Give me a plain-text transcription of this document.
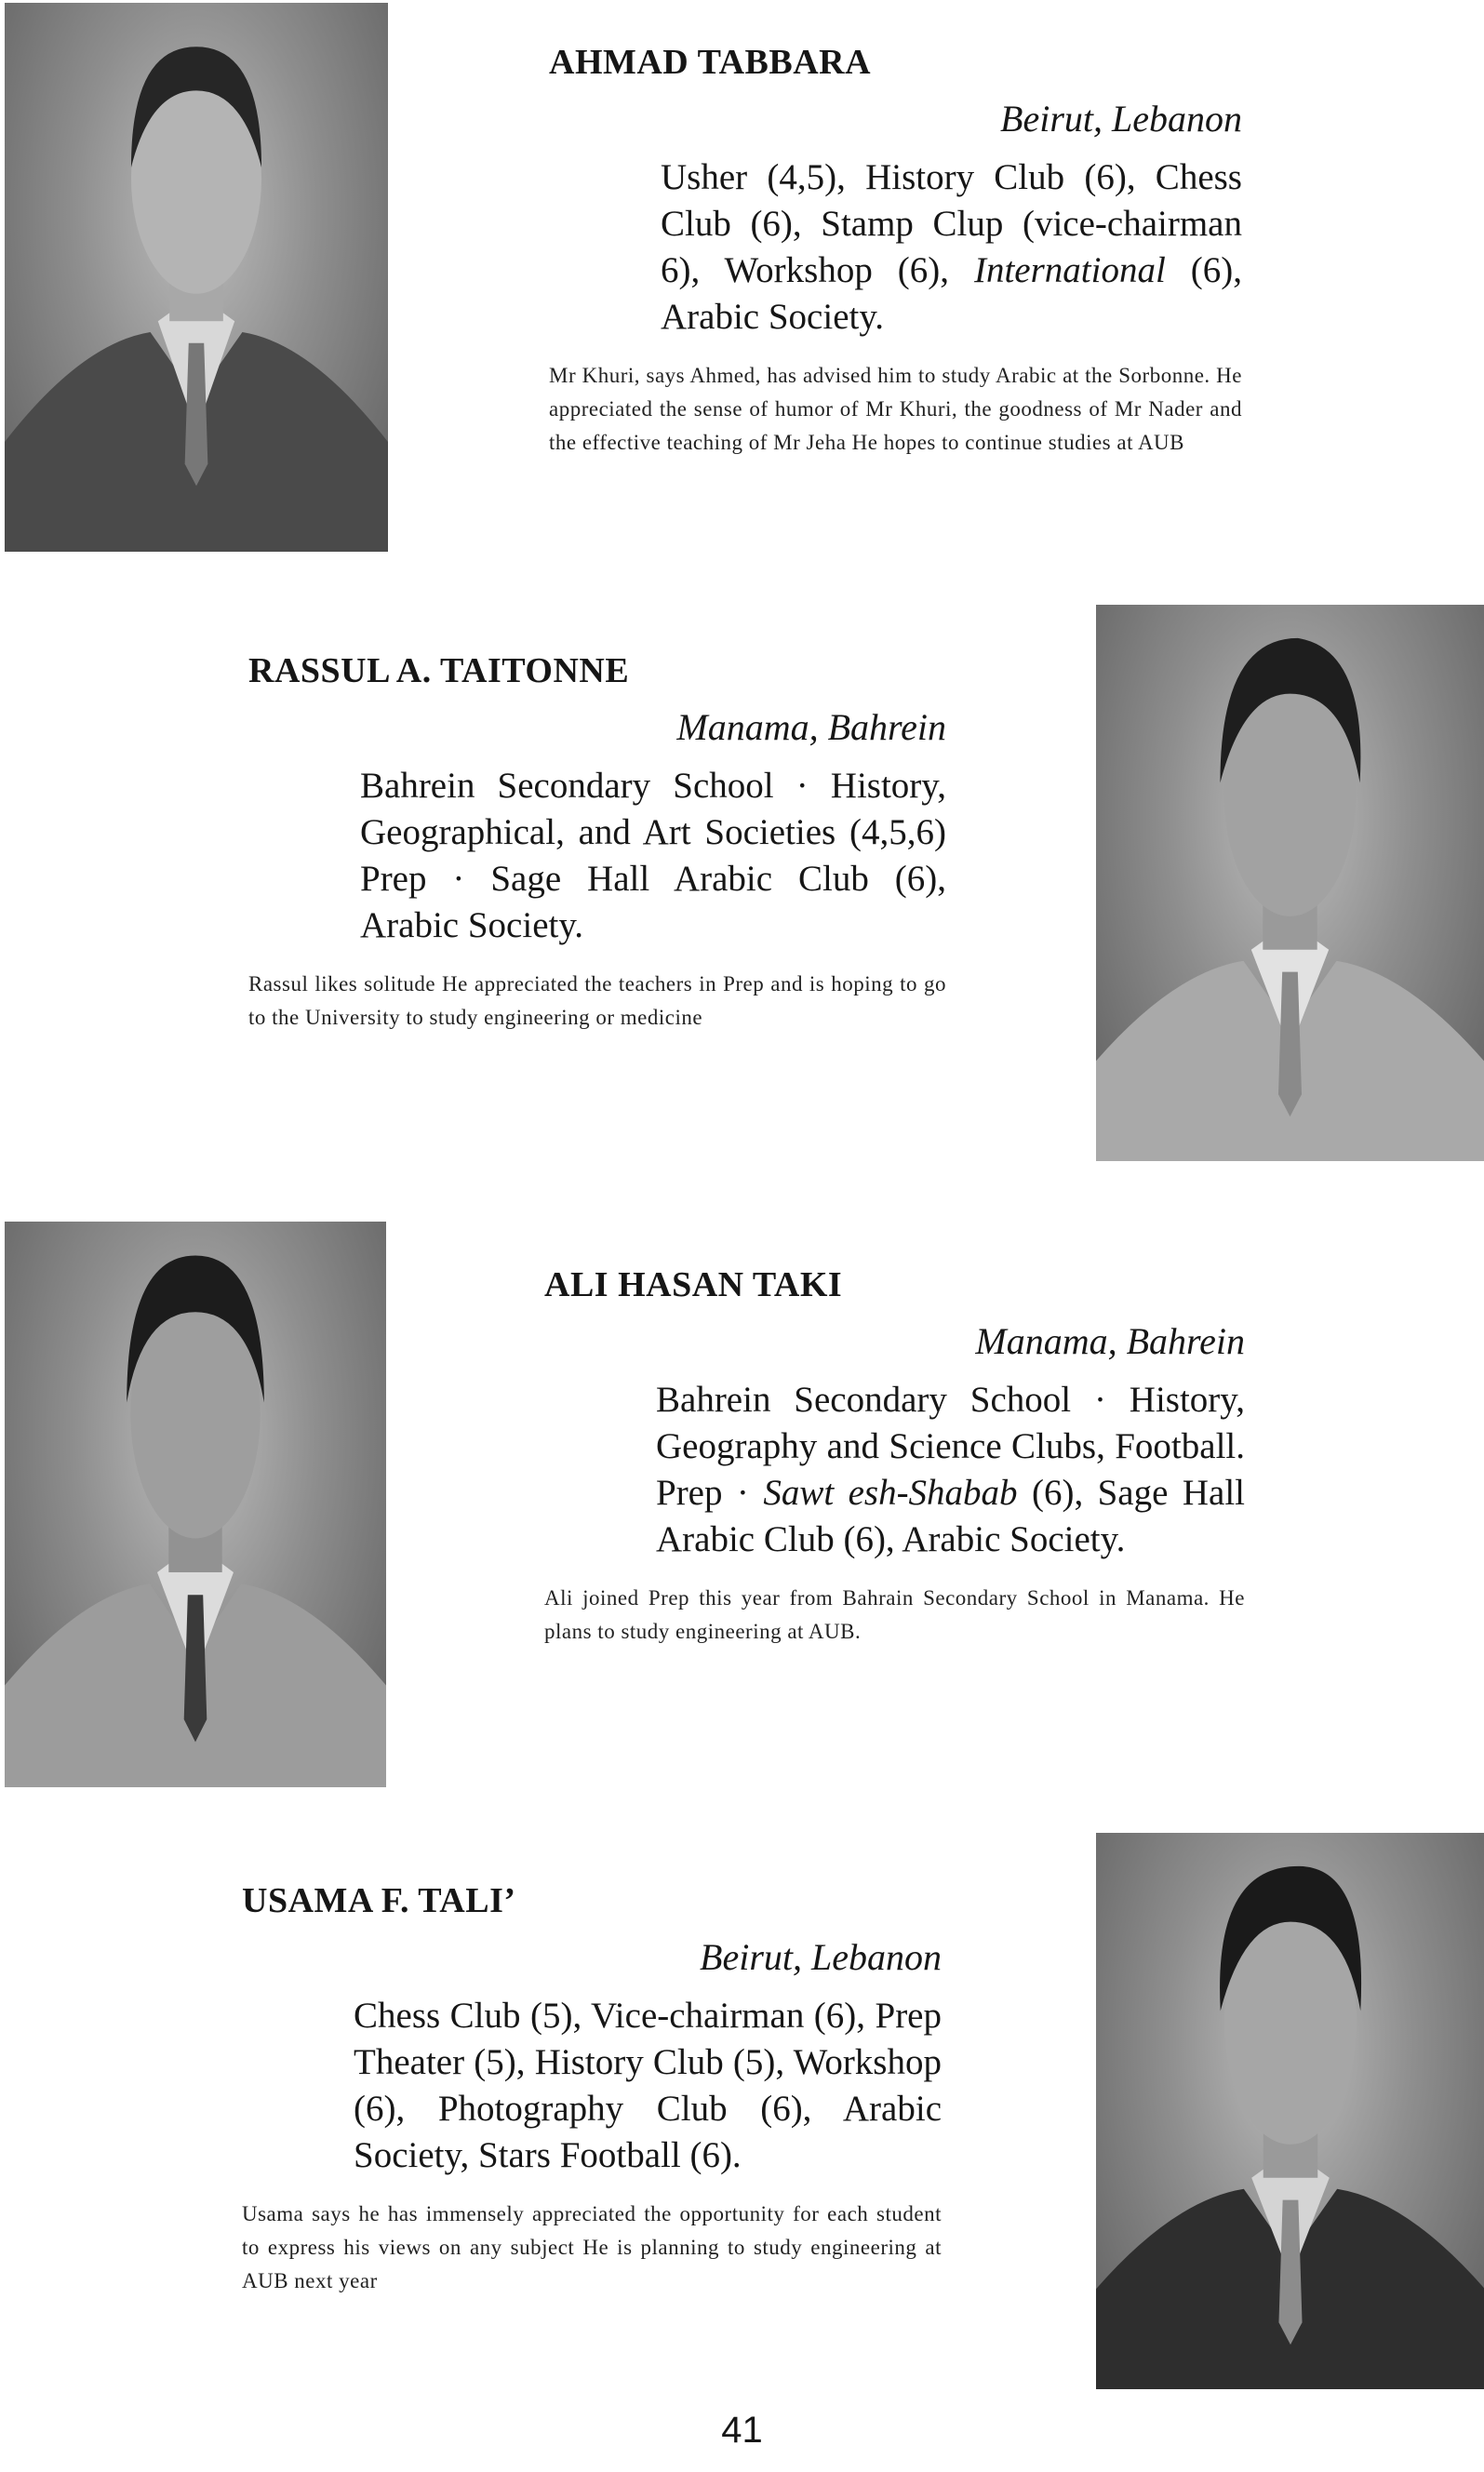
AHMAD TABBARA
Beirut, Lebanon
Usher (4,5), History Club (6), Chess Club (6), Stamp Clup (vice-chairman 6), Workshop (6), International (6), Arabic Society.
Mr Khuri, says Ahmed, has advised him to study Arabic at the Sorbonne. He appreciated the sense of humor of Mr Khuri, the goodness of Mr Nader and the effective teaching of Mr Jeha He hopes to continue studies at AUB
RASSUL A. TAITONNE
Manama, Bahrein
Bahrein Secondary School · History, Geographical, and Art Societies (4,5,6) Prep · Sage Hall Arabic Club (6), Arabic Society.
Rassul likes solitude He appreciated the teachers in Prep and is hoping to go to the University to study engineering or medicine
ALI HASAN TAKI
Manama, Bahrein
Bahrein Secondary School · History, Geography and Science Clubs, Football. Prep · Sawt esh-Shabab (6), Sage Hall Arabic Club (6), Arabic Society.
Ali joined Prep this year from Bahrain Secondary School in Manama. He plans to study engineering at AUB.
USAMA F. TALI’
Beirut, Lebanon
Chess Club (5), Vice-chairman (6), Prep Theater (5), History Club (5), Workshop (6), Photography Club (6), Arabic Society, Stars Football (6).
Usama says he has immensely appreciated the opportunity for each student to express his views on any subject He is planning to study engineering at AUB next year
41
